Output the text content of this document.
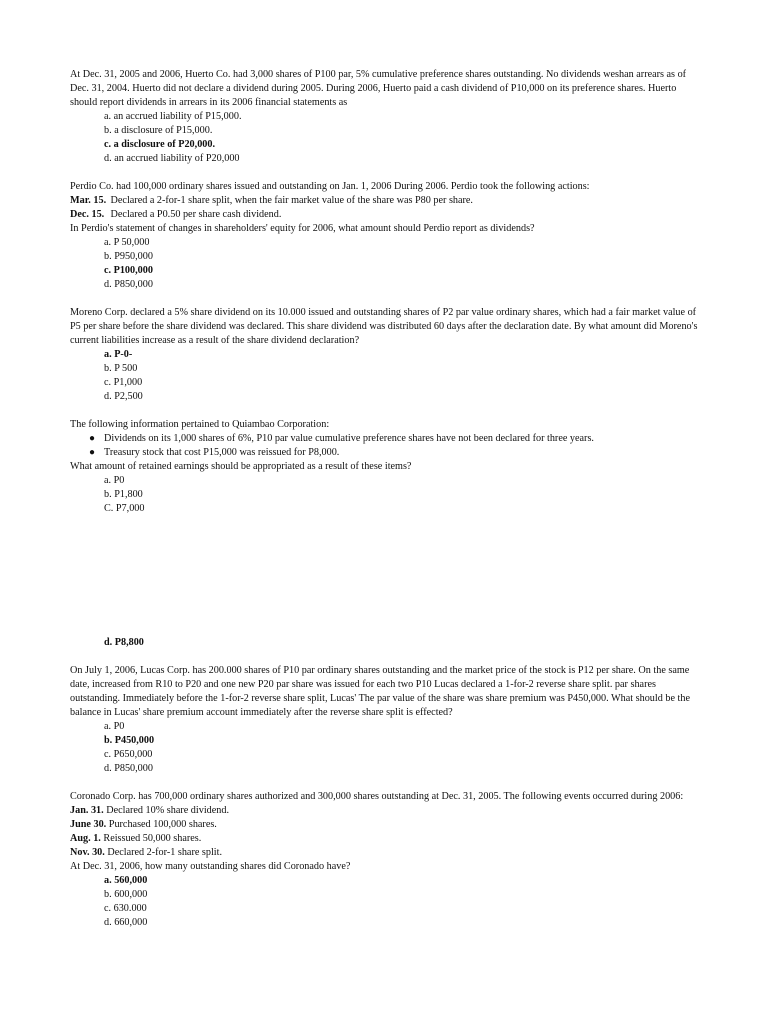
At Dec. 31, 2005 and 2006, Huerto Co. had 3,000 shares of P100 par, 5% cumulative preference shares outstanding. No dividends weshan arrears as of Dec. 31, 2004. Huerto did not declare a dividend during 2005. During 2006, Huerto paid a cash dividend of P10,000 on its preference shares. Huerto should report dividends in arrears in its 2006 financial statements as

a. an accrued liability of P15,000.
b. a disclosure of P15,000.
c. a disclosure of P20,000.
d. an accrued liability of P20,000

Perdio Co. had 100,000 ordinary shares issued and outstanding on Jan. 1, 2006 During 2006. Perdio took the following actions:

Mar. 15. Declared a 2-for-1 share split, when the fair market value of the share was P80 per share.

Dec. 15. Declared a P0.50 per share cash dividend.

In Perdio's statement of changes in shareholders' equity for 2006, what amount should Perdio report as dividends?

a. P 50,000
b. P950,000
c. P100,000
d. P850,000

Moreno Corp. declared a 5% share dividend on its 10.000 issued and outstanding shares of P2 par value ordinary shares, which had a fair market value of P5 per share before the share dividend was declared. This share dividend was distributed 60 days after the declaration date. By what amount did Moreno's current liabilities increase as a result of the share dividend declaration?

a. P-0-
b. P 500
c. P1,000
d. P2,500

The following information pertained to Quiambao Corporation:

● Dividends on its 1,000 shares of 6%, P10 par value cumulative preference shares have not been declared for three years.
● Treasury stock that cost P15,000 was reissued for P8,000.

What amount of retained earnings should be appropriated as a result of these items?

a. P0
b. P1,800
C. P7,000
d. P8,800

On July 1, 2006, Lucas Corp. has 200.000 shares of P10 par ordinary shares outstanding and the market price of the stock is P12 per share. On the same date, increased from R10 to P20 and one new P20 par share was issued for each two P10 Lucas declared a 1-for-2 reverse share split. par shares outstanding. Immediately before the 1-for-2 reverse share split, Lucas' The par value of the share was share premium was P450,000. What should be the balance in Lucas' share premium account immediately after the reverse share split is effected?

a. P0
b. P450,000
c. P650,000
d. P850,000

Coronado Corp. has 700,000 ordinary shares authorized and 300,000 shares outstanding at Dec. 31, 2005. The following events occurred during 2006:

Jan. 31. Declared 10% share dividend.

June 30. Purchased 100,000 shares.

Aug. 1. Reissued 50,000 shares.

Nov. 30. Declared 2-for-1 share split.

At Dec. 31, 2006, how many outstanding shares did Coronado have?

a. 560,000
b. 600,000
c. 630.000
d. 660,000
